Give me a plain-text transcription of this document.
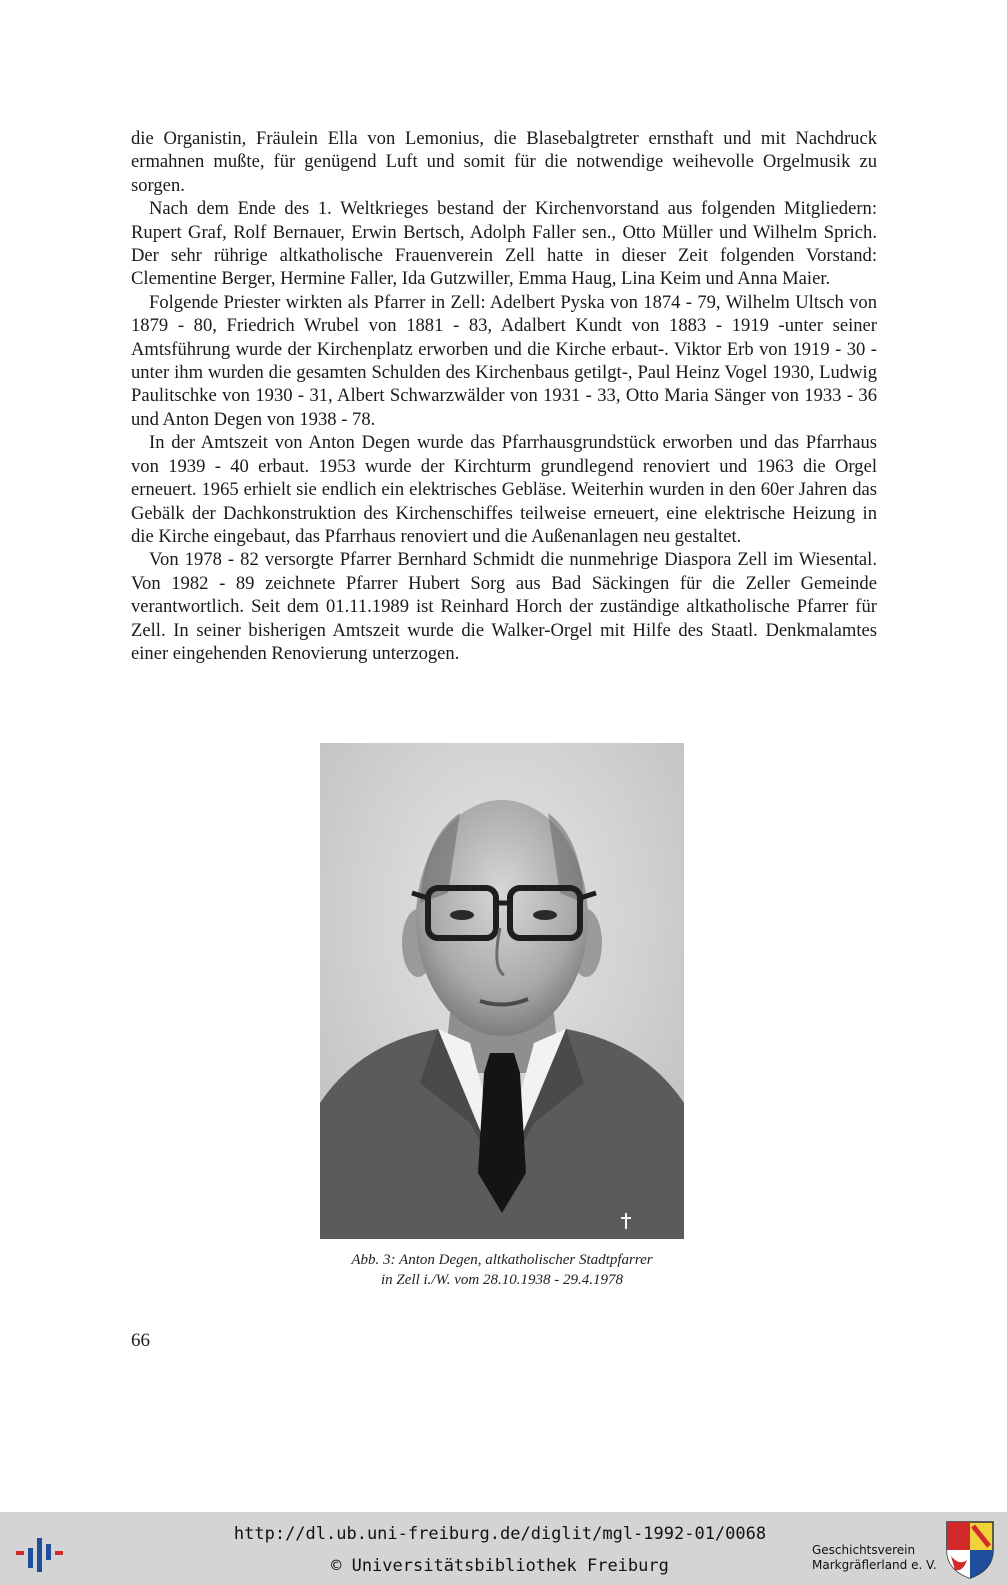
die Organistin, Fräulein Ella von Lemonius, die Blasebalgtreter ernsthaft und mit Nachdruck ermahnen mußte, für genügend Luft und somit für die notwendige weihevolle Orgelmusik zu sorgen.

Nach dem Ende des 1. Weltkrieges bestand der Kirchenvorstand aus folgenden Mitgliedern: Rupert Graf, Rolf Bernauer, Erwin Bertsch, Adolph Faller sen., Otto Müller und Wilhelm Sprich. Der sehr rührige altkatholische Frauenverein Zell hatte in dieser Zeit folgenden Vorstand: Clementine Berger, Hermine Faller, Ida Gutzwiller, Emma Haug, Lina Keim und Anna Maier.

Folgende Priester wirkten als Pfarrer in Zell: Adelbert Pyska von 1874 - 79, Wilhelm Ultsch von 1879 - 80, Friedrich Wrubel von 1881 - 83, Adalbert Kundt von 1883 - 1919 -unter seiner Amtsführung wurde der Kirchenplatz erworben und die Kirche erbaut-. Viktor Erb von 1919 - 30 - unter ihm wurden die gesamten Schulden des Kirchenbaus getilgt-, Paul Heinz Vogel 1930, Ludwig Paulitschke von 1930 - 31, Albert Schwarzwälder von 1931 - 33, Otto Maria Sänger von 1933 - 36 und Anton Degen von 1938 - 78.

In der Amtszeit von Anton Degen wurde das Pfarrhausgrundstück erworben und das Pfarrhaus von 1939 - 40 erbaut. 1953 wurde der Kirchturm grundlegend renoviert und 1963 die Orgel erneuert. 1965 erhielt sie endlich ein elektrisches Gebläse. Weiterhin wurden in den 60er Jahren das Gebälk der Dachkonstruktion des Kirchenschiffes teilweise erneuert, eine elektrische Heizung in die Kirche eingebaut, das Pfarrhaus renoviert und die Außenanlagen neu gestaltet.

Von 1978 - 82 versorgte Pfarrer Bernhard Schmidt die nunmehrige Diaspora Zell im Wiesental. Von 1982 - 89 zeichnete Pfarrer Hubert Sorg aus Bad Säckingen für die Zeller Gemeinde verantwortlich. Seit dem 01.11.1989 ist Reinhard Horch der zuständige altkatholische Pfarrer für Zell. In seiner bisherigen Amtszeit wurde die Walker-Orgel mit Hilfe des Staatl. Denkmalamtes einer eingehenden Renovierung unterzogen.

Abb. 3: Anton Degen, altkatholischer Stadtpfarrer
in Zell i./W. vom 28.10.1938 - 29.4.1978
66
http://dl.ub.uni-freiburg.de/diglit/mgl-1992-01/0068
© Universitätsbibliothek Freiburg
Geschichtsverein
Markgräflerland e. V.
